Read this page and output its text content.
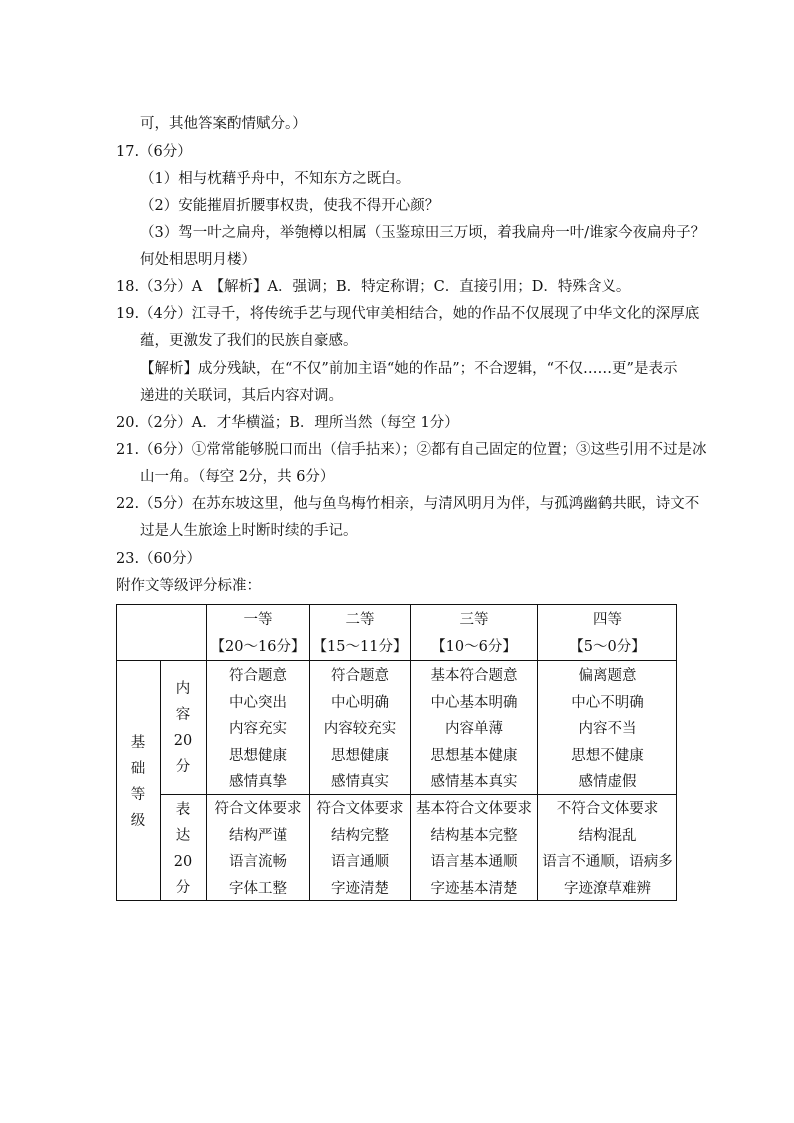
可，其他答案酌情赋分。）
17.（6分）
（1）相与枕藉乎舟中，不知东方之既白。
（2）安能摧眉折腰事权贵，使我不得开心颜？
（3）驾一叶之扁舟，举匏樽以相属（玉鉴琼田三万顷，着我扁舟一叶/谁家今夜扁舟子？
何处相思明月楼）
18.（3分）A　【解析】A．强调；B．特定称谓；C．直接引用；D．特殊含义。
19.（4分）江寻千，将传统手艺与现代审美相结合，她的作品不仅展现了中华文化的深厚底
蕴，更激发了我们的民族自豪感。
【解析】成分残缺，在“不仅”前加主语“她的作品”；不合逻辑，“不仅……更”是表示
递进的关联词，其后内容对调。
20.（2分）A．才华横溢；B．理所当然（每空 1分）
21.（6分）①常常能够脱口而出（信手拈来）；②都有自己固定的位置；③这些引用不过是冰
山一角。（每空 2分，共 6分）
22.（5分）在苏东坡这里，他与鱼鸟梅竹相亲，与清风明月为伴，与孤鸿幽鹤共眠，诗文不
过是人生旅途上时断时续的手记。
23.（60分）
附作文等级评分标准：
一等
【20～16分】
二等
【15～11分】
三等
【10～6分】
四等
【5～0分】
基
础
等
级
内
容
20
分
表
达
20
分
符合题意
中心突出
内容充实
思想健康
感情真挚
符合题意
中心明确
内容较充实
思想健康
感情真实
基本符合题意
中心基本明确
内容单薄
思想基本健康
感情基本真实
偏离题意
中心不明确
内容不当
思想不健康
感情虚假
符合文体要求
结构严谨
语言流畅
字体工整
符合文体要求
结构完整
语言通顺
字迹清楚
基本符合文体要求
结构基本完整
语言基本通顺
字迹基本清楚
不符合文体要求
结构混乱
语言不通顺，语病多
字迹潦草难辨
